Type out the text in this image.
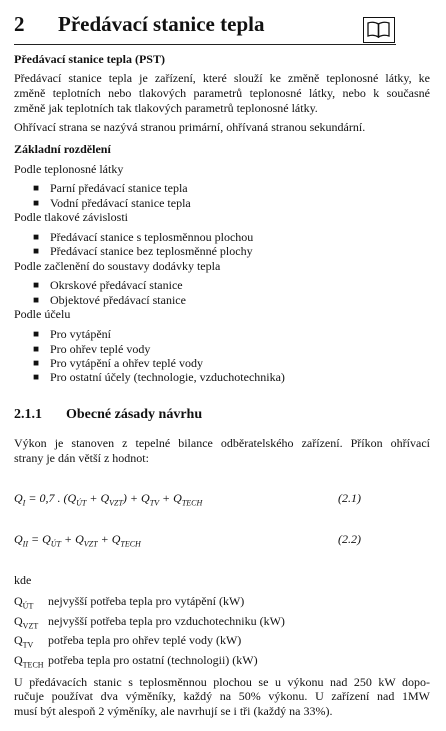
2 Předávací stanice tepla
Předávací stanice tepla (PST)
Předávací stanice tepla je zařízení, které slouží ke změně teplonosné látky, ke
změně teplotních nebo tlakových parametrů teplonosné látky, nebo k současné
změně jak teplotních tak tlakových parametrů teplonosné látky.
Ohřívací strana se nazývá stranou primární, ohřívaná stranou sekundární.
Základní rozdělení
Podle teplonosné látky
■ Parní předávací stanice tepla
■ Vodní předávací stanice tepla
Podle tlakové závislosti
■ Předávací stanice s teplosměnnou plochou
■ Předávací stanice bez teplosměnné plochy
Podle začlenění do soustavy dodávky tepla
■ Okrskové předávací stanice
■ Objektové předávací stanice
Podle účelu
■ Pro vytápění
■ Pro ohřev teplé vody
■ Pro vytápění a ohřev teplé vody
■ Pro ostatní účely (technologie, vzduchotechnika)
2.1.1 Obecné zásady návrhu
Výkon je stanoven z tepelné bilance odběratelského zařízení. Příkon ohřívací
strany je dán větší z hodnot:
$Q_I = 0,7$ . $(Q_{ÚT} + Q_{VZT}) + Q_{TV} + Q_{TECH}$	(2.1)
$Q_{II} = Q_{ÚT} + Q_{VZT} + Q_{TECH}$	(2.2)
kde
$Q_{ÚT}$ nejvyšší potřeba tepla pro vytápění (kW)
$Q_{VZT}$ nejvyšší potřeba tepla pro vzduchotechniku (kW)
$Q_{TV}$ potřeba tepla pro ohřev teplé vody (kW)
$Q_{TECH}$ potřeba tepla pro ostatní (technologii) (kW)
U předávacích stanic s teplosměnnou plochou se u výkonu nad 250 kW dopo-
ručuje používat dva výměníky, každý na 50% výkonu. U zařízení nad 1MW
musí být alespoň 2 výměníky, ale navrhují se i tři (každý na 33%).
